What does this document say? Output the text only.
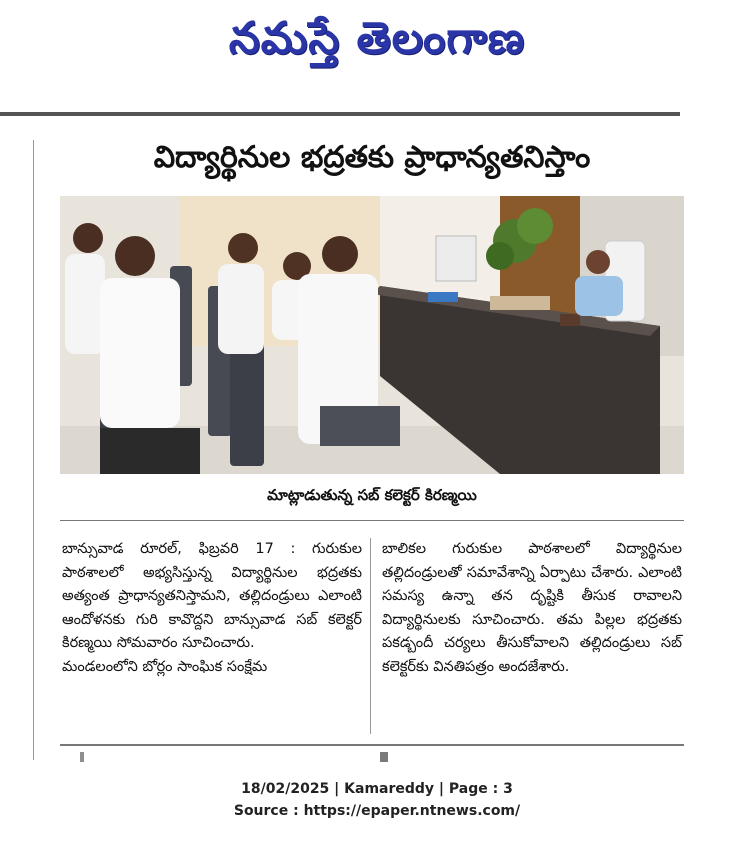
నమస్తే తెలంగాణ
విద్యార్థినుల భద్రతకు ప్రాధాన్యతనిస్తాం
మాట్లాడుతున్న సబ్ కలెక్టర్ కిరణ్మయి

బాన్సువాడ రూరల్, ఫిబ్రవరి 17 : గురుకుల పాఠశాలలో అభ్యసిస్తున్న విద్యార్థినుల భద్రతకు అత్యంత ప్రాధాన్యతనిస్తామని, తల్లిదండ్రులు ఎలాంటి ఆందోళనకు గురి కావొద్దని బాన్సువాడ సబ్ కలెక్టర్ కిరణ్మయి సోమవారం సూచించారు.

మండలంలోని బోర్లం సాంఘిక సంక్షేమ

బాలికల గురుకుల పాఠశాలలో విద్యార్థినుల తల్లిదండ్రులతో సమావేశాన్ని ఏర్పాటు చేశారు. ఎలాంటి సమస్య ఉన్నా తన దృష్టికి తీసుక రావాలని విద్యార్థినులకు సూచించారు. తమ పిల్లల భద్రతకు పకడ్బందీ చర్యలు తీసుకోవాలని తల్లిదండ్రులు సబ్ కలెక్టర్‌కు వినతిపత్రం అందజేశారు.

18/02/2025 | Kamareddy | Page : 3
Source : https://epaper.ntnews.com/
